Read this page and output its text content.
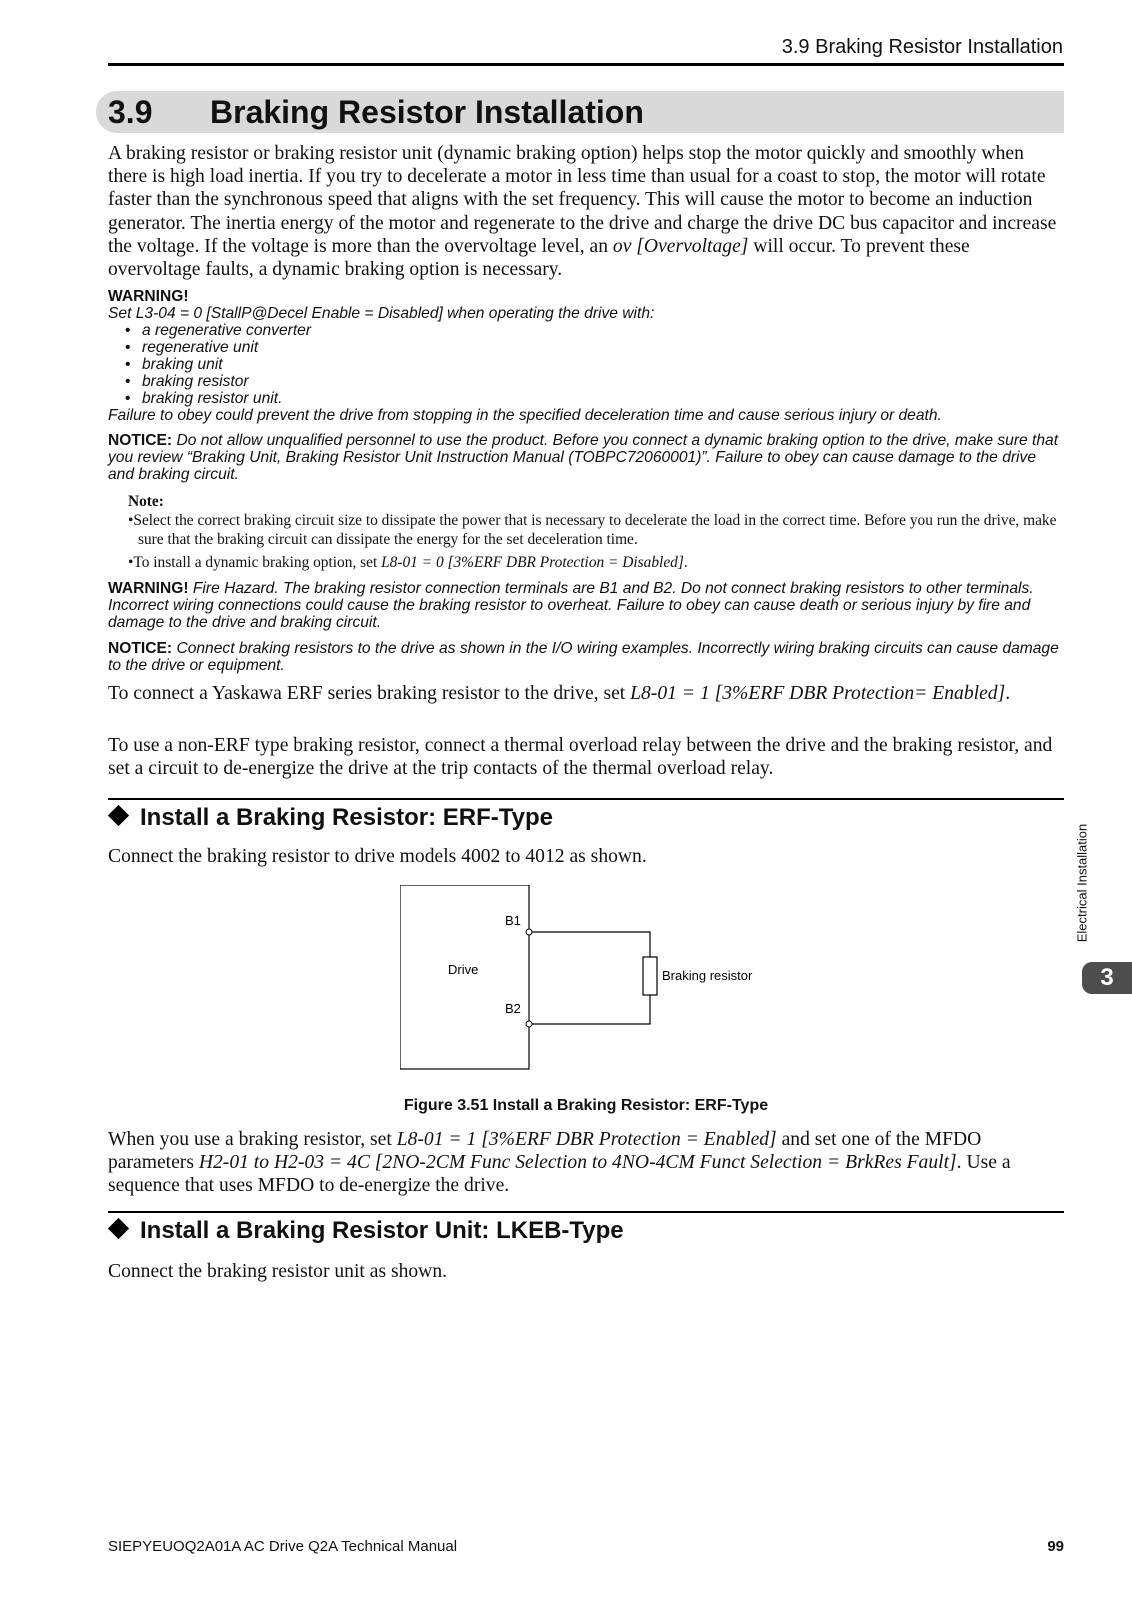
3.9 Braking Resistor Installation
3.9 Braking Resistor Installation
A braking resistor or braking resistor unit (dynamic braking option) helps stop the motor quickly and smoothly when there is high load inertia. If you try to decelerate a motor in less time than usual for a coast to stop, the motor will rotate faster than the synchronous speed that aligns with the set frequency. This will cause the motor to become an induction generator. The inertia energy of the motor and regenerate to the drive and charge the drive DC bus capacitor and increase the voltage. If the voltage is more than the overvoltage level, an ov [Overvoltage] will occur. To prevent these overvoltage faults, a dynamic braking option is necessary.
WARNING!
Set L3-04 = 0 [StallP@Decel Enable = Disabled] when operating the drive with:
• a regenerative converter
• regenerative unit
• braking unit
• braking resistor
• braking resistor unit.
Failure to obey could prevent the drive from stopping in the specified deceleration time and cause serious injury or death.
NOTICE: Do not allow unqualified personnel to use the product. Before you connect a dynamic braking option to the drive, make sure that you review “Braking Unit, Braking Resistor Unit Instruction Manual (TOBPC72060001)”. Failure to obey can cause damage to the drive and braking circuit.
Note:
•Select the correct braking circuit size to dissipate the power that is necessary to decelerate the load in the correct time. Before you run the drive, make sure that the braking circuit can dissipate the energy for the set deceleration time.
•To install a dynamic braking option, set L8-01 = 0 [3%ERF DBR Protection = Disabled].
WARNING! Fire Hazard. The braking resistor connection terminals are B1 and B2. Do not connect braking resistors to other terminals. Incorrect wiring connections could cause the braking resistor to overheat. Failure to obey can cause death or serious injury by fire and damage to the drive and braking circuit.
NOTICE: Connect braking resistors to the drive as shown in the I/O wiring examples. Incorrectly wiring braking circuits can cause damage to the drive or equipment.
To connect a Yaskawa ERF series braking resistor to the drive, set L8-01 = 1 [3%ERF DBR Protection= Enabled].
To use a non-ERF type braking resistor, connect a thermal overload relay between the drive and the braking resistor, and set a circuit to de-energize the drive at the trip contacts of the thermal overload relay.
Install a Braking Resistor: ERF-Type
Connect the braking resistor to drive models 4002 to 4012 as shown.	Electrical Installation
3
Drive
B1
B2
Braking resistor
Figure 3.51 Install a Braking Resistor: ERF-Type
When you use a braking resistor, set L8-01 = 1 [3%ERF DBR Protection = Enabled] and set one of the MFDO parameters H2-01 to H2-03 = 4C [2NO-2CM Func Selection to 4NO-4CM Funct Selection = BrkRes Fault]. Use a sequence that uses MFDO to de-energize the drive.
Install a Braking Resistor Unit: LKEB-Type
Connect the braking resistor unit as shown.
SIEPYEUOQ2A01A AC Drive Q2A Technical Manual	99
